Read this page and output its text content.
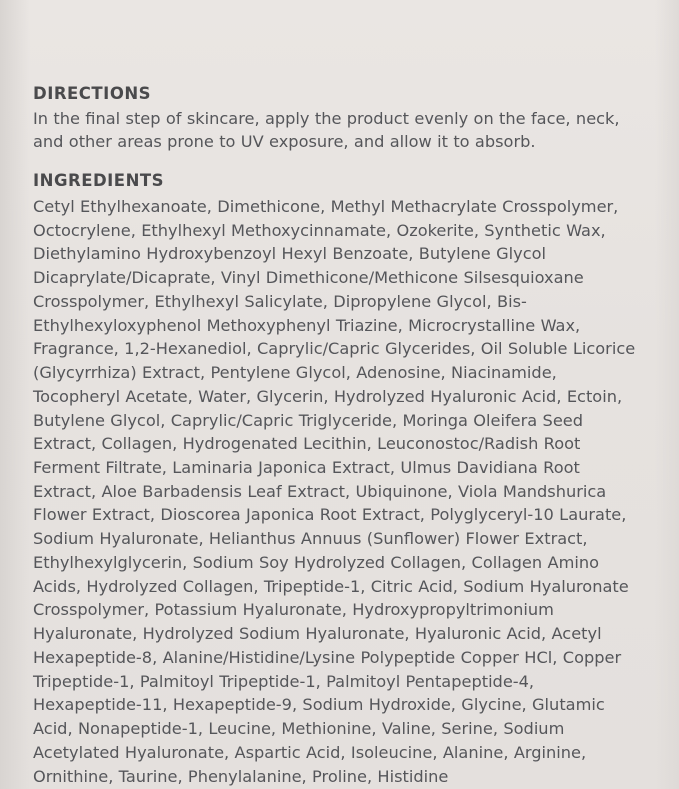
DIRECTIONS

In the final step of skincare, apply the product evenly on the face, neck, and other areas prone to UV exposure, and allow it to absorb.

INGREDIENTS

Cetyl Ethylhexanoate, Dimethicone, Methyl Methacrylate Crosspolymer, Octocrylene, Ethylhexyl Methoxycinnamate, Ozokerite, Synthetic Wax, Diethylamino Hydroxybenzoyl Hexyl Benzoate, Butylene Glycol Dicaprylate/Dicaprate, Vinyl Dimethicone/Methicone Silsesquioxane Crosspolymer, Ethylhexyl Salicylate, Dipropylene Glycol, Bis-Ethylhexyloxyphenol Methoxyphenyl Triazine, Microcrystalline Wax, Fragrance, 1,2-Hexanediol, Caprylic/Capric Glycerides, Oil Soluble Licorice (Glycyrrhiza) Extract, Pentylene Glycol, Adenosine, Niacinamide, Tocopheryl Acetate, Water, Glycerin, Hydrolyzed Hyaluronic Acid, Ectoin, Butylene Glycol, Caprylic/Capric Triglyceride, Moringa Oleifera Seed Extract, Collagen, Hydrogenated Lecithin, Leuconostoc/Radish Root Ferment Filtrate, Laminaria Japonica Extract, Ulmus Davidiana Root Extract, Aloe Barbadensis Leaf Extract, Ubiquinone, Viola Mandshurica Flower Extract, Dioscorea Japonica Root Extract, Polyglyceryl-10 Laurate, Sodium Hyaluronate, Helianthus Annuus (Sunflower) Flower Extract, Ethylhexylglycerin, Sodium Soy Hydrolyzed Collagen, Collagen Amino Acids, Hydrolyzed Collagen, Tripeptide-1, Citric Acid, Sodium Hyaluronate Crosspolymer, Potassium Hyaluronate, Hydroxypropyltrimonium Hyaluronate, Hydrolyzed Sodium Hyaluronate, Hyaluronic Acid, Acetyl Hexapeptide-8, Alanine/Histidine/Lysine Polypeptide Copper HCl, Copper Tripeptide-1, Palmitoyl Tripeptide-1, Palmitoyl Pentapeptide-4, Hexapeptide-11, Hexapeptide-9, Sodium Hydroxide, Glycine, Glutamic Acid, Nonapeptide-1, Leucine, Methionine, Valine, Serine, Sodium Acetylated Hyaluronate, Aspartic Acid, Isoleucine, Alanine, Arginine, Ornithine, Taurine, Phenylalanine, Proline, Histidine
